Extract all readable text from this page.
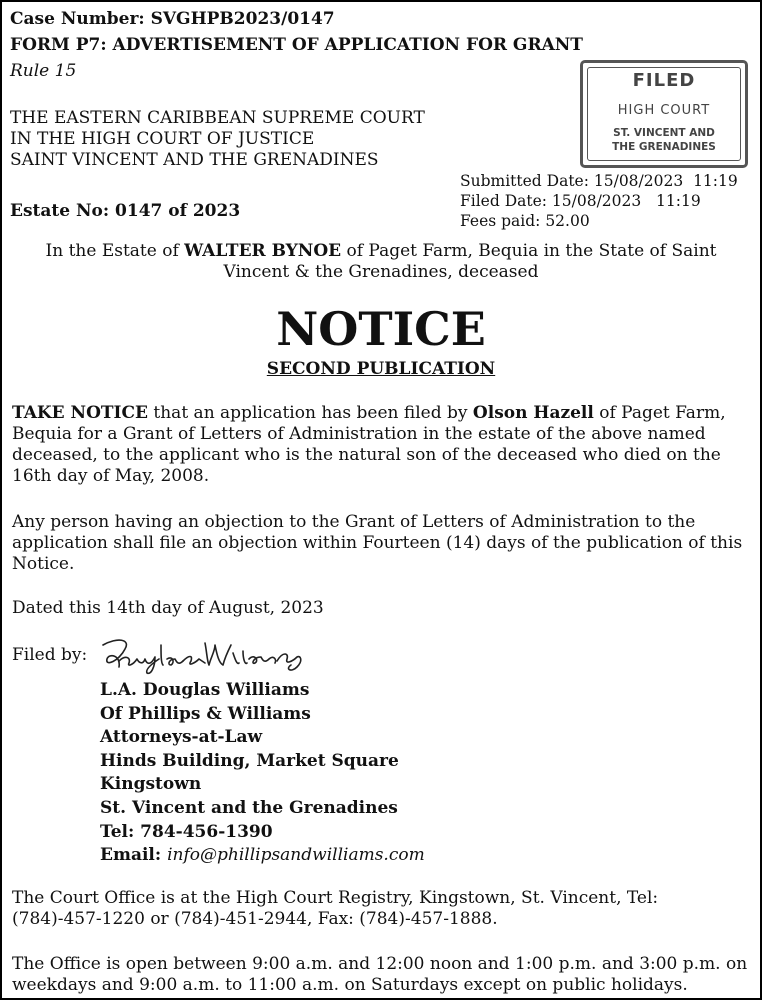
Case Number: SVGHPB2023/0147
FORM P7: ADVERTISEMENT OF APPLICATION FOR GRANT
Rule 15
THE EASTERN CARIBBEAN SUPREME COURT
IN THE HIGH COURT OF JUSTICE
SAINT VINCENT AND THE GRENADINES
Estate No: 0147 of 2023
FILED
HIGH COURT
ST. VINCENT AND
THE GRENADINES
Submitted Date: 15/08/2023  11:19
Filed Date: 15/08/2023   11:19
Fees paid: 52.00
In the Estate of WALTER BYNOE of Paget Farm, Bequia in the State of Saint Vincent & the Grenadines, deceased
NOTICE
SECOND PUBLICATION
TAKE NOTICE that an application has been filed by Olson Hazell of Paget Farm, Bequia for a Grant of Letters of Administration in the estate of the above named deceased, to the applicant who is the natural son of the deceased who died on the 16th day of May, 2008.
Any person having an objection to the Grant of Letters of Administration to the application shall file an objection within Fourteen (14) days of the publication of this Notice.
Dated this 14th day of August, 2023
Filed by:
L.A. Douglas Williams
Of Phillips & Williams
Attorneys-at-Law
Hinds Building, Market Square
Kingstown
St. Vincent and the Grenadines
Tel: 784-456-1390
Email: info@phillipsandwilliams.com
The Court Office is at the High Court Registry, Kingstown, St. Vincent, Tel: (784)-457-1220 or (784)-451-2944, Fax: (784)-457-1888.
The Office is open between 9:00 a.m. and 12:00 noon and 1:00 p.m. and 3:00 p.m. on weekdays and 9:00 a.m. to 11:00 a.m. on Saturdays except on public holidays.
